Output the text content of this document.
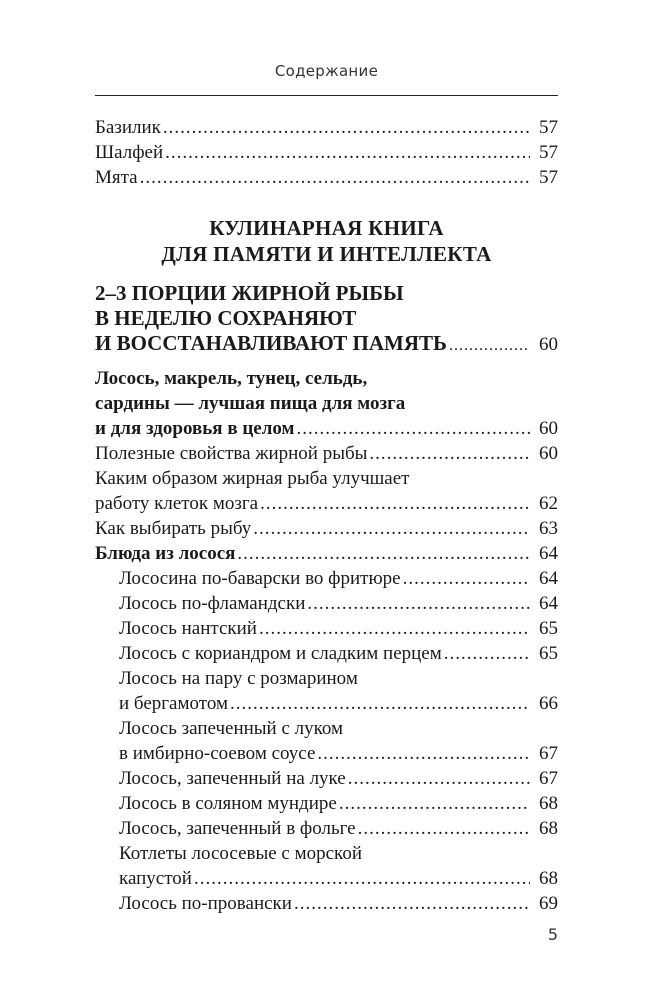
Содержание
Базилик .....	57
Шалфей .....	57
Мята .....	57
КУЛИНАРНАЯ КНИГА
ДЛЯ ПАМЯТИ И ИНТЕЛЛЕКТА
2–3 ПОРЦИИ ЖИРНОЙ РЫБЫ
В НЕДЕЛЮ СОХРАНЯЮТ
И ВОССТАНАВЛИВАЮТ ПАМЯТЬ .....	60
Лосось, макрель, тунец, сельдь,
сардины — лучшая пища для мозга
и для здоровья в целом .....	60
Полезные свойства жирной рыбы .....	60
Каким образом жирная рыба улучшает
работу клеток мозга .....	62
Как выбирать рыбу .....	63
Блюда из лосося .....	64
Лососина по-баварски во фритюре .....	64
Лосось по-фламандски .....	64
Лосось нантский .....	65
Лосось с кориандром и сладким перцем .....	65
Лосось на пару с розмарином
и бергамотом .....	66
Лосось запеченный с луком
в имбирно-соевом соусе .....	67
Лосось, запеченный на луке .....	67
Лосось в соляном мундире .....	68
Лосось, запеченный в фольге .....	68
Котлеты лососевые с морской
капустой .....	68
Лосось по-провански .....	69
5
